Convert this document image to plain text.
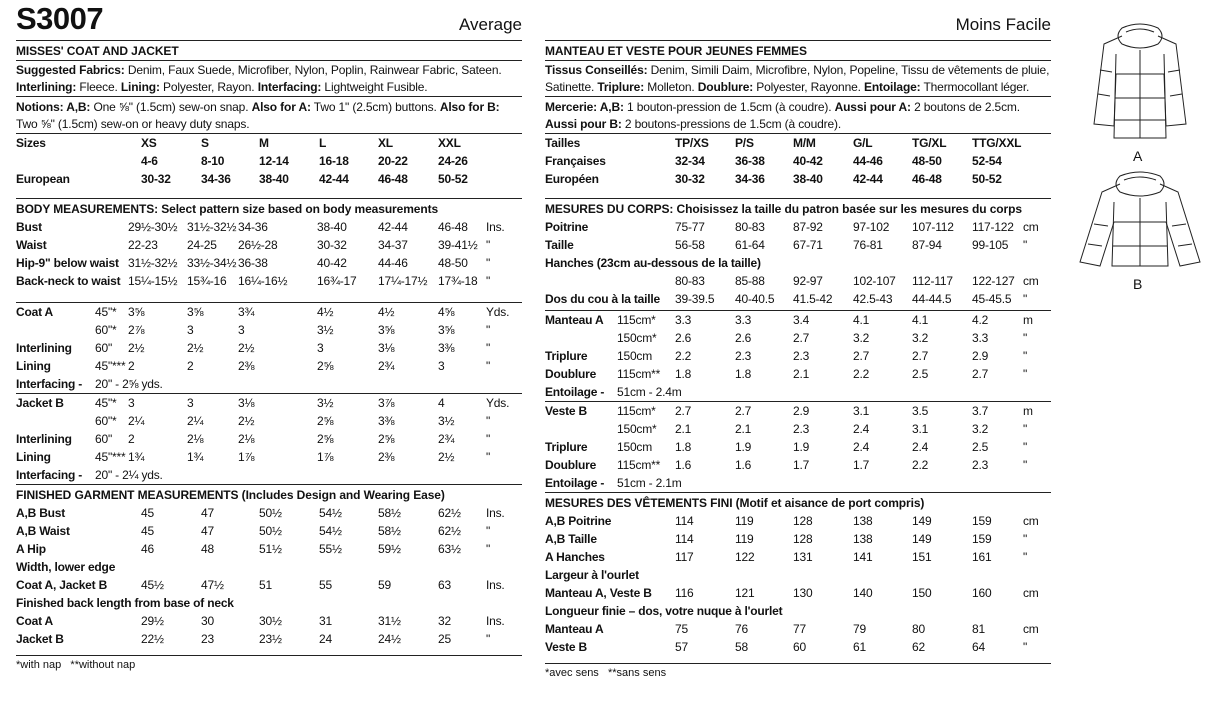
S3007	Average
MISSES' COAT AND JACKET
Suggested Fabrics: Denim, Faux Suede, Microfiber, Nylon, Poplin, Rainwear Fabric, Sateen.
Interlining: Fleece. Lining: Polyester, Rayon. Interfacing: Lightweight Fusible.
Notions: A,B: One ⅝" (1.5cm) sew-on snap. Also for A: Two 1" (2.5cm) buttons. Also for B: Two ⅝" (1.5cm) sew-on or heavy duty snaps.
Sizes	XS	S	M	L	XL	XXL
4-6	8-10	12-14	16-18 20-22	24-26
European	30-32	34-36 38-40	42-44 46-48	50-52
BODY MEASUREMENTS: Select pattern size based on body measurements
Bust	29½-30½ 31½-32½ 34-36	38-40	42-44	46-48 Ins.
Waist	22-23 24-25 26½-28	30-32	34-37	39-41½ "
Hip-9" below waist 31½-32½ 33½-34½ 36-38	40-42	44-46	48-50 "
Back-neck to waist 15¼-15½ 15¾-16 16¼-16½ 16¾-17 17¼-17½ 17¾-18 "
Coat A	45"* 3⅝	3⅝	3¾	4½	4½	4⅝	Yds.
60"* 2⅞	3	3	3½	3⅝	3⅝	"
Interlining 60" 2½	2½	2½	3	3⅛	3⅜	"
Lining	45"*** 2	2	2⅜	2⅝	2¾	3	"
Interfacing - 20" - 2⅝ yds.
Jacket B	45"* 3	3	3⅛	3½	3⅞	4	Yds.
60"* 2¼	2¼	2½	2⅝	3⅜	3½	"
Interlining 60" 2	2⅛	2⅛	2⅝	2⅝	2¾	"
Lining	45"*** 1¾	1¾	1⅞	1⅞	2⅜	2½	"
Interfacing - 20" - 2¼ yds.
FINISHED GARMENT MEASUREMENTS (Includes Design and Wearing Ease)
A,B Bust	45	47	50½	54½	58½	62½ Ins.
A,B Waist	45	47	50½	54½	58½	62½ "
A Hip	46	48	51½	55½	59½	63½ "
Width, lower edge
Coat A, Jacket B	45½	47½	51	55	59	63	Ins.
Finished back length from base of neck
Coat A	29½	30	30½	31	31½	32	Ins.
Jacket B	22½	23	23½	24	24½	25	"
*with nap   **without nap
Moins Facile
MANTEAU ET VESTE POUR JEUNES FEMMES
Tissus Conseillés: Denim, Simili Daim, Microfibre, Nylon, Popeline, Tissu de vêtements de pluie, Satinette. Triplure: Molleton. Doublure: Polyester, Rayonne. Entoilage: Thermocollant léger.
Mercerie: A,B: 1 bouton-pression de 1.5cm (à coudre). Aussi pour A: 2 boutons de 2.5cm. Aussi pour B: 2 boutons-pressions de 1.5cm (à coudre).
Tailles	TP/XS P/S	M/M	G/L	TG/XL TTG/XXL
Françaises	32-34	36-38 40-42	44-46 48-50	52-54
Européen	30-32	34-36 38-40	42-44 46-48	50-52
MESURES DU CORPS: Choisissez la taille du patron basée sur les mesures du corps
Poitrine	75-77	80-83 87-92	97-102 107-112 117-122 cm
Taille	56-58	61-64 67-71	76-81 87-94	99-105 "
Hanches (23cm au-dessous de la taille)
80-83	85-88 92-97	102-107 112-117 122-127 cm
Dos du cou à la taille 39-39.5 40-40.5 41.5-42 42.5-43 44-44.5 45-45.5 "
Manteau A 115cm* 3.3	3.3	3.4	4.1	4.1	4.2	m
150cm* 2.6	2.6	2.7	3.2	3.2	3.3	"
Triplure 150cm 2.2	2.3	2.3	2.7	2.7	2.9	"
Doublure 115cm** 1.8	1.8	2.1	2.2	2.5	2.7	"
Entoilage - 51cm - 2.4m
Veste B	115cm* 2.7	2.7	2.9	3.1	3.5	3.7	m
150cm* 2.1	2.1	2.3	2.4	3.1	3.2	"
Triplure 150cm 1.8	1.9	1.9	2.4	2.4	2.5	"
Doublure 115cm** 1.6	1.6	1.7	1.7	2.2	2.3	"
Entoilage - 51cm - 2.1m
MESURES DES VÊTEMENTS FINI (Motif et aisance de port compris)
A,B Poitrine	114	119	128	138	149	159	cm
A,B Taille	114	119	128	138	149	159	"
A Hanches	117	122	131	141	151	161	"
Largeur à l'ourlet
Manteau A, Veste B 116	121	130	140	150	160	cm
Longueur finie – dos, votre nuque à l'ourlet
Manteau A	75	76	77	79	80	81	cm
Veste B	57	58	60	61	62	64	"
*avec sens   **sans sens
A
B
